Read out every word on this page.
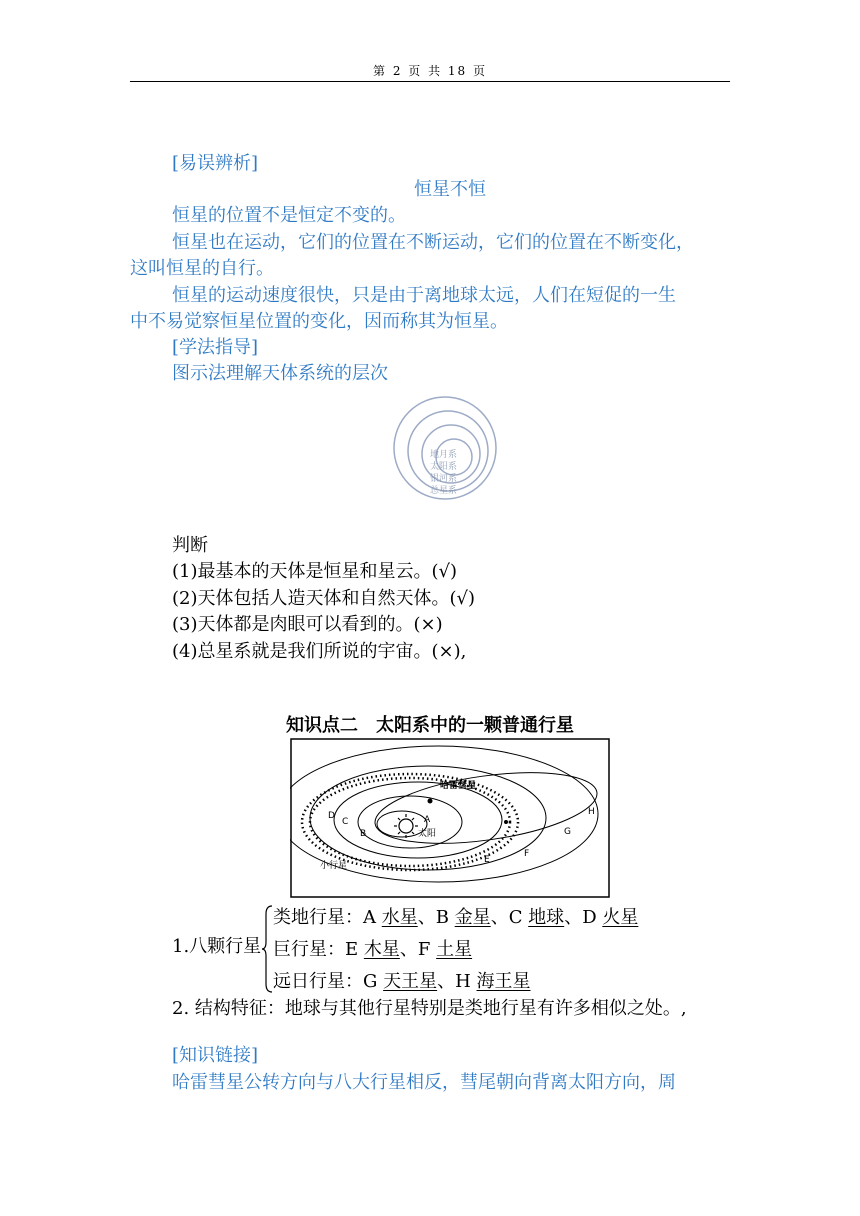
第 2 页 共 18 页
[易误辨析]
恒星不恒
恒星的位置不是恒定不变的。
恒星也在运动，它们的位置在不断运动，它们的位置在不断变化，
这叫恒星的自行。
恒星的运动速度很快，只是由于离地球太远，人们在短促的一生
中不易觉察恒星位置的变化，因而称其为恒星。
[学法指导]
图示法理解天体系统的层次
地月系
太阳系
银河系
总星系
判断
(1)最基本的天体是恒星和星云。(√)
(2)天体包括人造天体和自然天体。(√)
(3)天体都是肉眼可以看到的。(×)
(4)总星系就是我们所说的宇宙。(×),
知识点二　太阳系中的一颗普通行星
太阳
哈雷彗星
小行星
A
B
C
D
E
F
G
H
1.八颗行星
类地行星：A 水星、B 金星、C 地球、D 火星
巨行星：E 木星、F 土星
远日行星：G 天王星、H 海王星
2. 结构特征：地球与其他行星特别是类地行星有许多相似之处。,
[知识链接]
哈雷彗星公转方向与八大行星相反，彗尾朝向背离太阳方向，周
